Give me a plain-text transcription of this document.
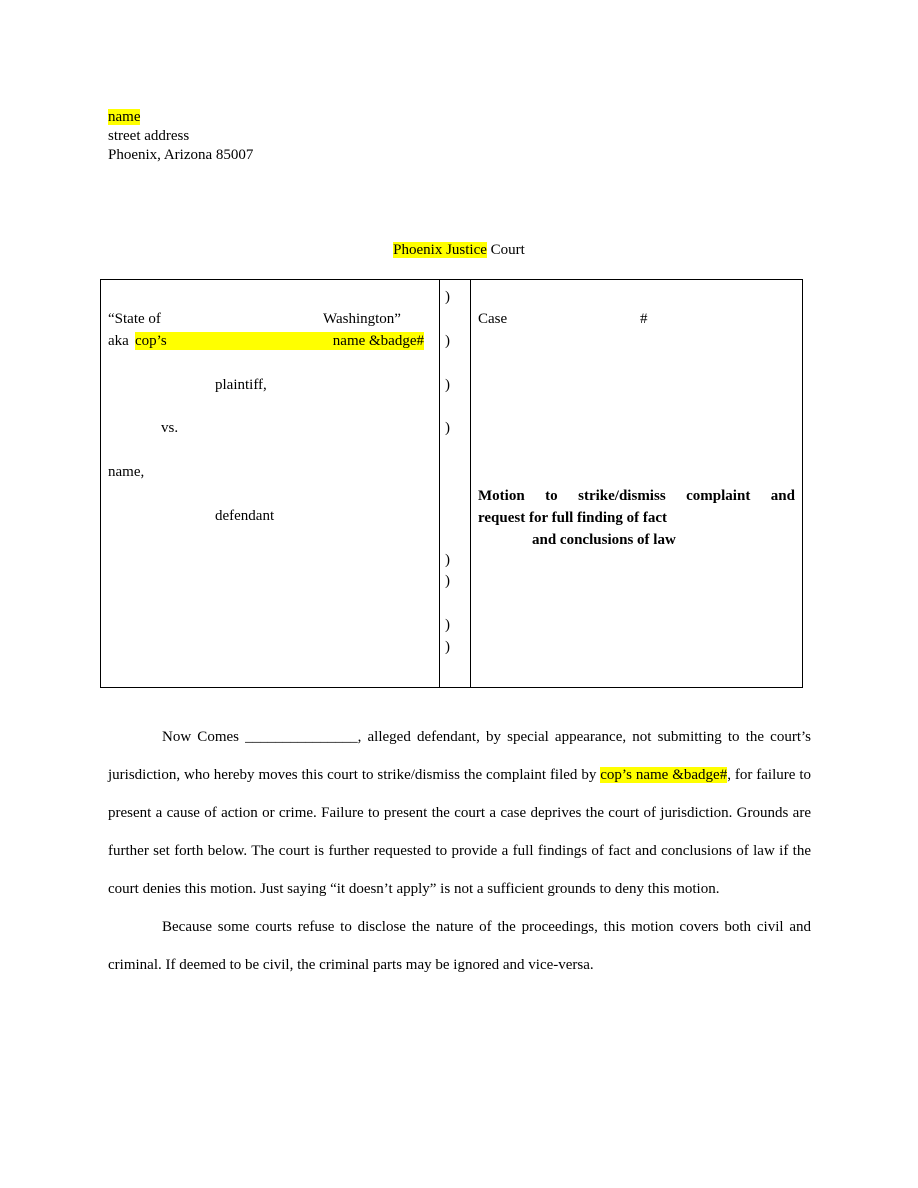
name
street address
Phoenix, Arizona 85007
Phoenix Justice Court
“State of	Washington”
aka cop’s	name &badge#
plaintiff,
vs.
name,
defendant
)
)
)
)
)
)
)
)
Case	#
Motion to strike/dismiss complaint and
request for full finding of fact
and conclusions of law

Now Comes _______________, alleged defendant, by special appearance, not submitting to the court’s jurisdiction, who hereby moves this court to strike/dismiss the complaint filed by cop’s name &badge#, for failure to present a cause of action or crime. Failure to present the court a case deprives the court of jurisdiction. Grounds are further set forth below. The court is further requested to provide a full findings of fact and conclusions of law if the court denies this motion. Just saying “it doesn’t apply” is not a sufficient grounds to deny this motion.

Because some courts refuse to disclose the nature of the proceedings, this motion covers both civil and criminal. If deemed to be civil, the criminal parts may be ignored and vice-versa.
